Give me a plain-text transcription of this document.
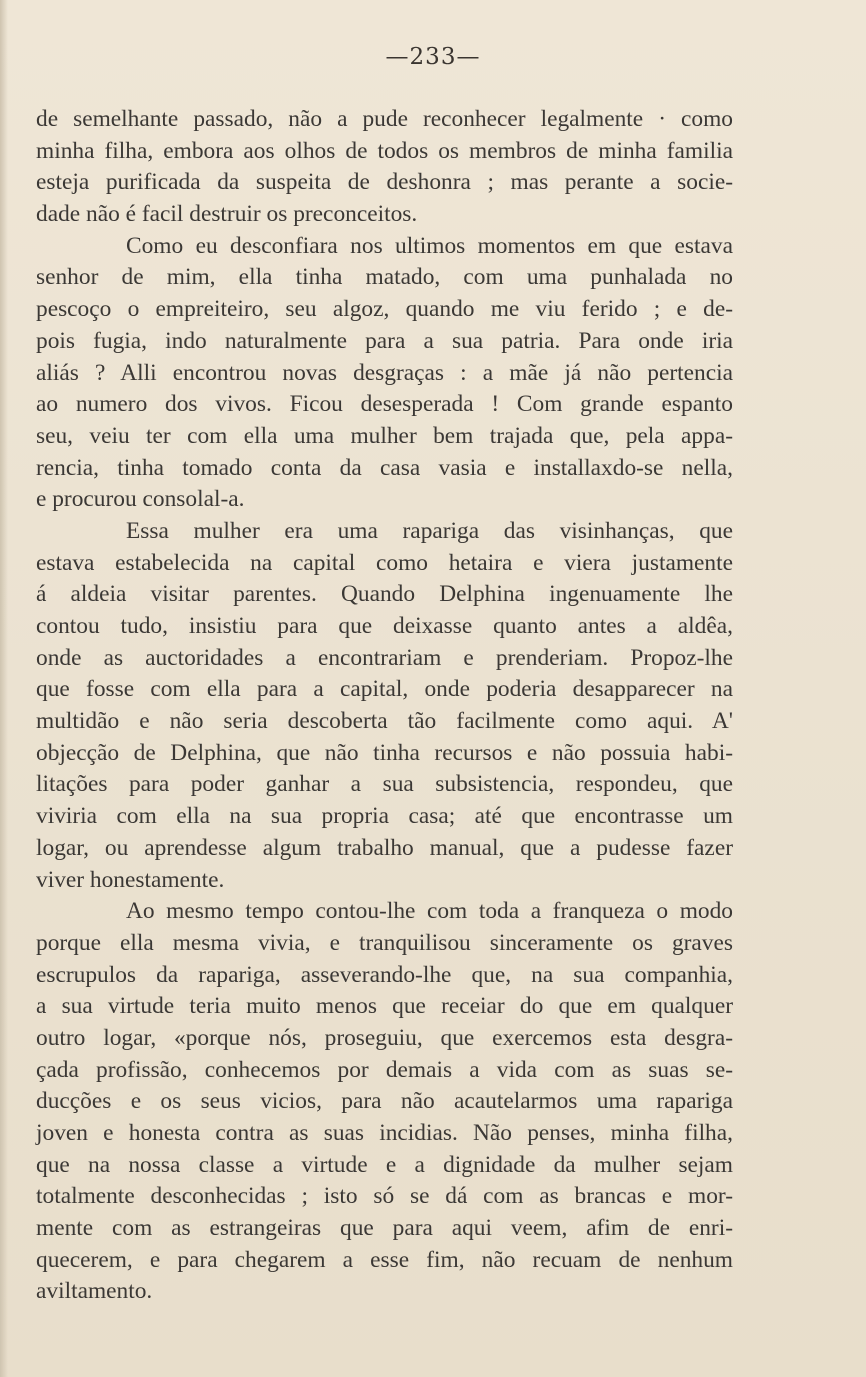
—233—
de semelhante passado, não a pude reconhecer legalmente · como
minha filha, embora aos olhos de todos os membros de minha familia
esteja purificada da suspeita de deshonra ; mas perante a socie-
dade não é facil destruir os preconceitos.
Como eu desconfiara nos ultimos momentos em que estava
senhor de mim, ella tinha matado, com uma punhalada no
pescoço o empreiteiro, seu algoz, quando me viu ferido ; e de-
pois fugia, indo naturalmente para a sua patria. Para onde iria
aliás ? Alli encontrou novas desgraças : a mãe já não pertencia
ao numero dos vivos. Ficou desesperada ! Com grande espanto
seu, veiu ter com ella uma mulher bem trajada que, pela appa-
rencia, tinha tomado conta da casa vasia e installaxdo-se nella,
e procurou consolal-a.
Essa mulher era uma rapariga das visinhanças, que
estava estabelecida na capital como hetaira e viera justamente
á aldeia visitar parentes. Quando Delphina ingenuamente lhe
contou tudo, insistiu para que deixasse quanto antes a aldêa,
onde as auctoridades a encontrariam e prenderiam. Propoz-lhe
que fosse com ella para a capital, onde poderia desapparecer na
multidão e não seria descoberta tão facilmente como aqui. A'
objecção de Delphina, que não tinha recursos e não possuia habi-
litações para poder ganhar a sua subsistencia, respondeu, que
viviria com ella na sua propria casa; até que encontrasse um
logar, ou aprendesse algum trabalho manual, que a pudesse fazer
viver honestamente.
Ao mesmo tempo contou-lhe com toda a franqueza o modo
porque ella mesma vivia, e tranquilisou sinceramente os graves
escrupulos da rapariga, asseverando-lhe que, na sua companhia,
a sua virtude teria muito menos que receiar do que em qualquer
outro logar, «porque nós, proseguiu, que exercemos esta desgra-
çada profissão, conhecemos por demais a vida com as suas se-
ducções e os seus vicios, para não acautelarmos uma rapariga
joven e honesta contra as suas incidias. Não penses, minha filha,
que na nossa classe a virtude e a dignidade da mulher sejam
totalmente desconhecidas ; isto só se dá com as brancas e mor-
mente com as estrangeiras que para aqui veem, afim de enri-
quecerem, e para chegarem a esse fim, não recuam de nenhum
aviltamento.
